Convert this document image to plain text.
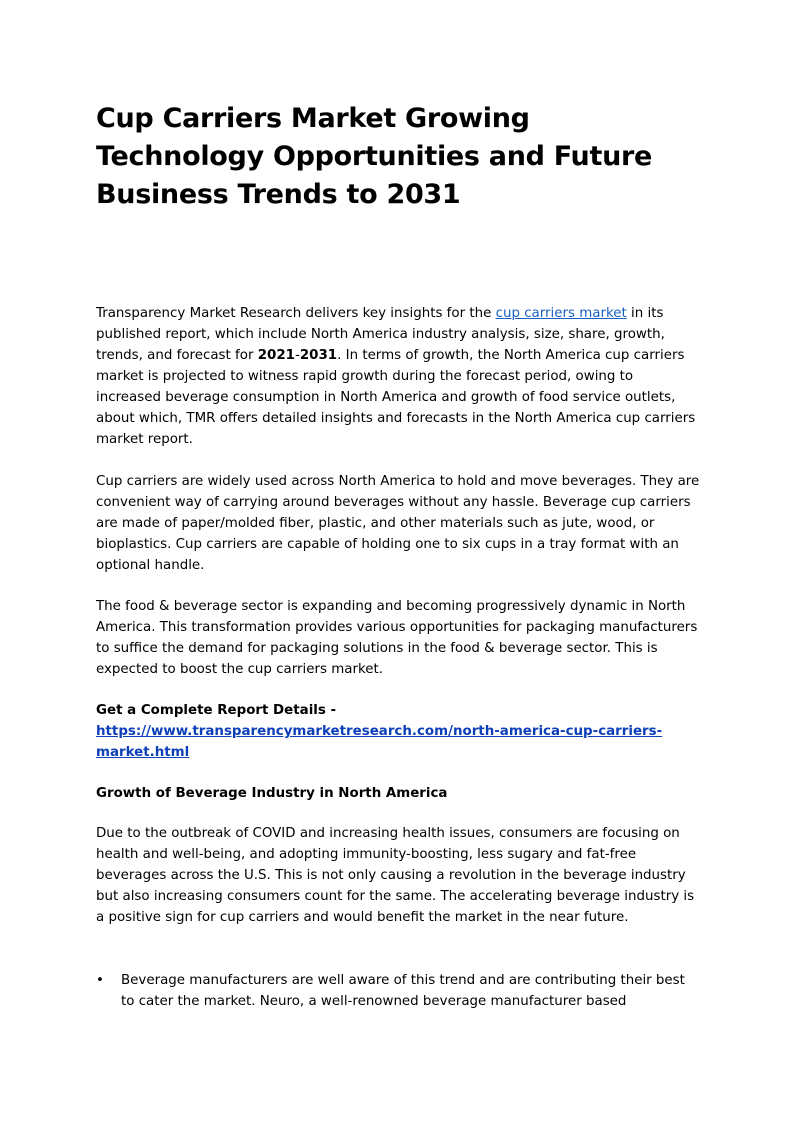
Cup Carriers Market Growing Technology Opportunities and Future Business Trends to 2031

Transparency Market Research delivers key insights for the cup carriers market in its published report, which include North America industry analysis, size, share, growth, trends, and forecast for 2021-2031. In terms of growth, the North America cup carriers market is projected to witness rapid growth during the forecast period, owing to increased beverage consumption in North America and growth of food service outlets, about which, TMR offers detailed insights and forecasts in the North America cup carriers market report.

Cup carriers are widely used across North America to hold and move beverages. They are convenient way of carrying around beverages without any hassle. Beverage cup carriers are made of paper/molded fiber, plastic, and other materials such as jute, wood, or bioplastics. Cup carriers are capable of holding one to six cups in a tray format with an optional handle.

The food & beverage sector is expanding and becoming progressively dynamic in North America. This transformation provides various opportunities for packaging manufacturers to suffice the demand for packaging solutions in the food & beverage sector. This is expected to boost the cup carriers market.

Get a Complete Report Details -
https://www.transparencymarketresearch.com/north-america-cup-carriers-market.html

Growth of Beverage Industry in North America

Due to the outbreak of COVID and increasing health issues, consumers are focusing on health and well-being, and adopting immunity-boosting, less sugary and fat-free beverages across the U.S. This is not only causing a revolution in the beverage industry but also increasing consumers count for the same. The accelerating beverage industry is a positive sign for cup carriers and would benefit the market in the near future.

• Beverage manufacturers are well aware of this trend and are contributing their best to cater the market. Neuro, a well-renowned beverage manufacturer based
